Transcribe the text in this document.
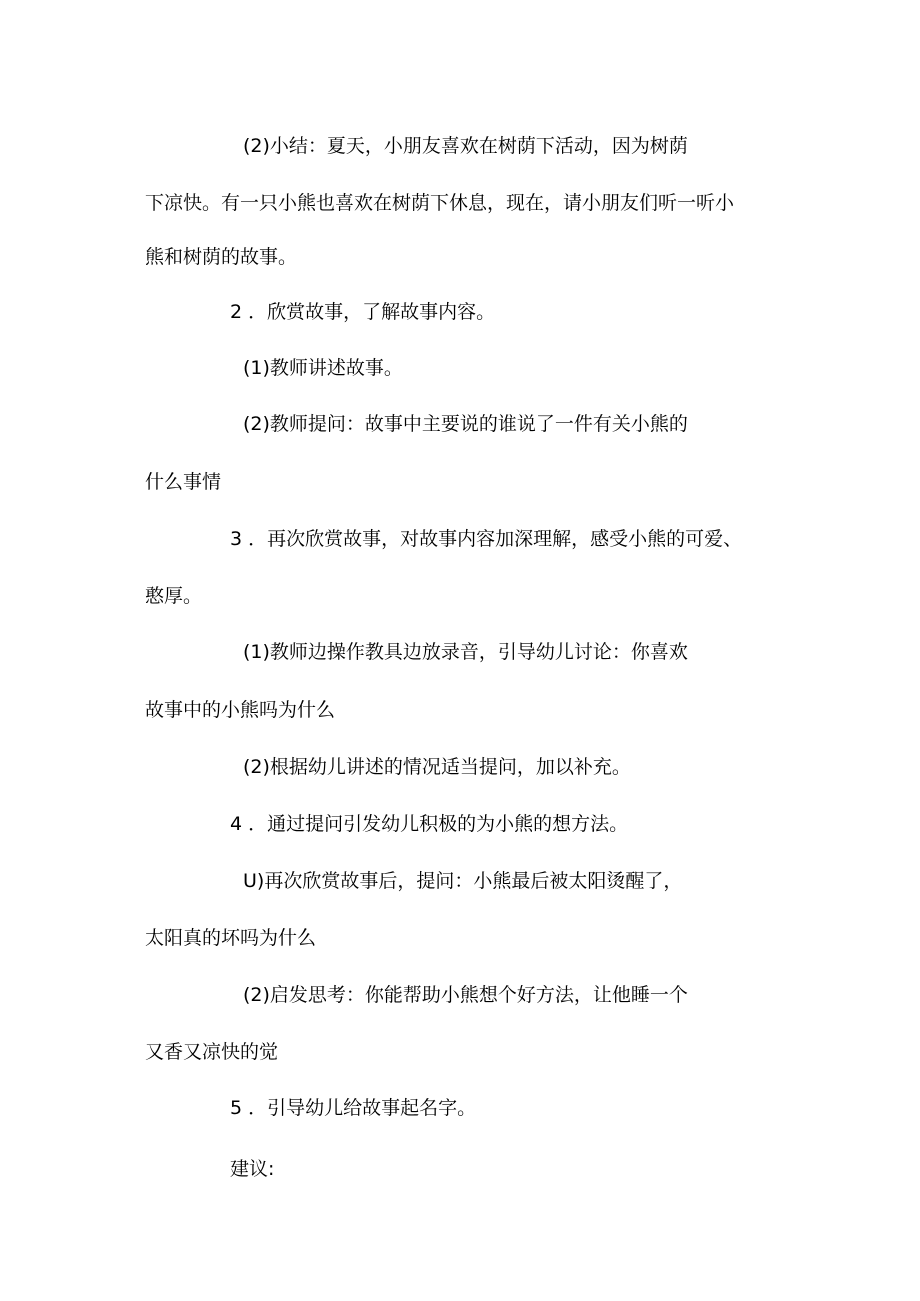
(2)小结：夏天，小朋友喜欢在树荫下活动，因为树荫
下凉快。有一只小熊也喜欢在树荫下休息，现在，请小朋友们听一听小
熊和树荫的故事。
2 ．欣赏故事，了解故事内容。
(1)教师讲述故事。
(2)教师提问：故事中主要说的谁说了一件有关小熊的
什么事情
3 ．再次欣赏故事，对故事内容加深理解，感受小熊的可爱、
憨厚。
(1)教师边操作教具边放录音，引导幼儿讨论：你喜欢
故事中的小熊吗为什么
(2)根据幼儿讲述的情况适当提问，加以补充。
4 ．通过提问引发幼儿积极的为小熊的想方法。
U)再次欣赏故事后，提问：小熊最后被太阳烫醒了，
太阳真的坏吗为什么
(2)启发思考：你能帮助小熊想个好方法，让他睡一个
又香又凉快的觉
5 ．引导幼儿给故事起名字。
建议:
